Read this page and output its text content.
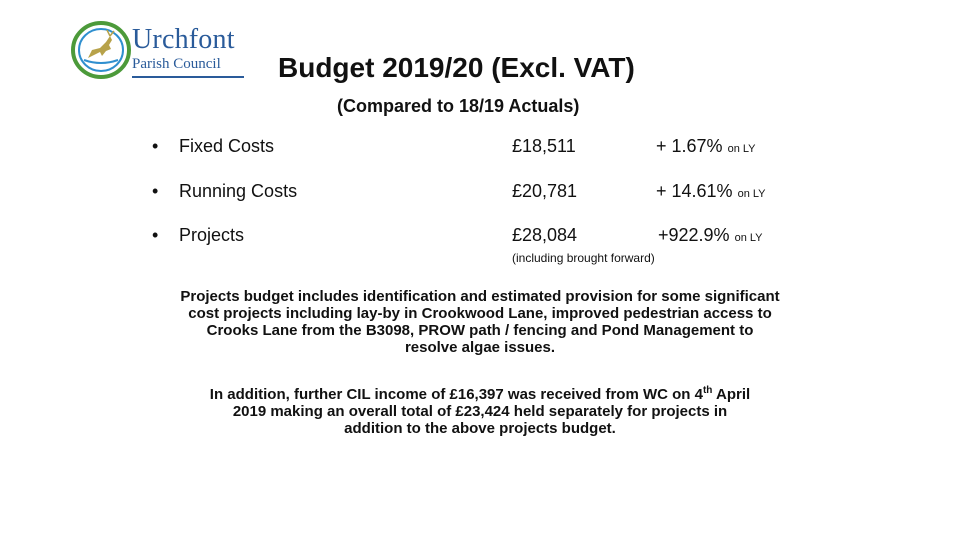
Urchfont
Parish Council Budget 2019/20 (Excl. VAT)
(Compared to 18/19 Actuals)
• Fixed Costs	£18,511	+ 1.67% on LY
• Running Costs	£20,781	+ 14.61% on LY
• Projects	£28,084	+922.9% on LY
(including brought forward)
Projects budget includes identification and estimated provision for some significant
cost projects including lay-by in Crookwood Lane, improved pedestrian access to
Crooks Lane from the B3098, PROW path / fencing and Pond Management to
resolve algae issues.
In addition, further CIL income of £16,397 was received from WC on 4th April
2019 making an overall total of £23,424 held separately for projects in
addition to the above projects budget.
